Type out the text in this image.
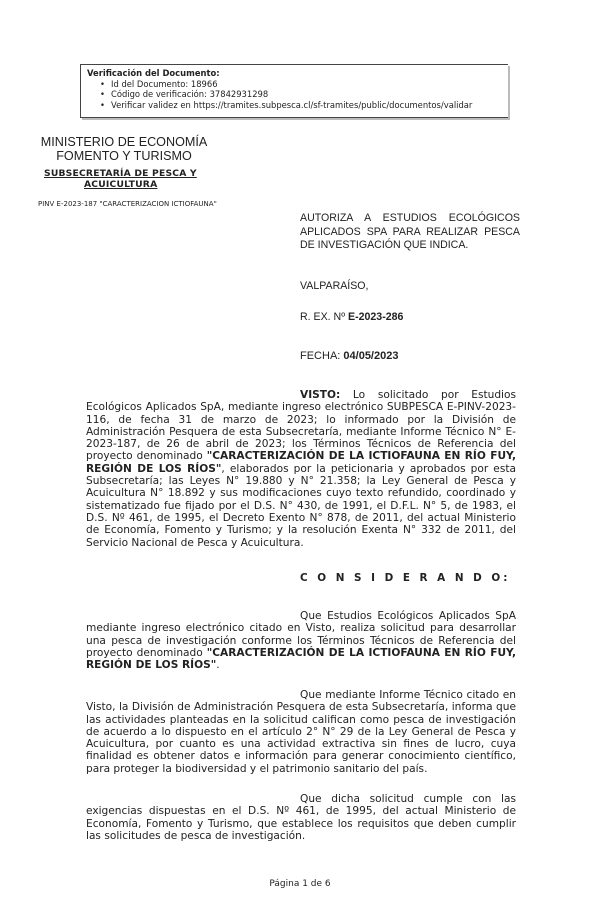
Verificación del Documento:
• Id del Documento: 18966
• Código de verificación: 37842931298
• Verificar validez en https://tramites.subpesca.cl/sf-tramites/public/documentos/validar
MINISTERIO DE ECONOMÍA
FOMENTO Y TURISMO
SUBSECRETARÍA DE PESCA Y
ACUICULTURA
PINV E-2023-187 "CARACTERIZACION ICTIOFAUNA"
AUTORIZA A ESTUDIOS ECOLÓGICOS APLICADOS SPA PARA REALIZAR PESCA DE INVESTIGACIÓN QUE INDICA.
VALPARAÍSO,
R. EX. Nº E-2023-286
FECHA: 04/05/2023
VISTO: Lo solicitado por Estudios Ecológicos Aplicados SpA, mediante ingreso electrónico SUBPESCA E-PINV-2023-116, de fecha 31 de marzo de 2023; lo informado por la División de Administración Pesquera de esta Subsecretaría, mediante Informe Técnico N° E-2023-187, de 26 de abril de 2023; los Términos Técnicos de Referencia del proyecto denominado "CARACTERIZACIÓN DE LA ICTIOFAUNA EN RÍO FUY, REGIÓN DE LOS RÍOS", elaborados por la peticionaria y aprobados por esta Subsecretaría; las Leyes N° 19.880 y N° 21.358; la Ley General de Pesca y Acuicultura N° 18.892 y sus modificaciones cuyo texto refundido, coordinado y sistematizado fue fijado por el D.S. N° 430, de 1991, el D.F.L. N° 5, de 1983, el D.S. Nº 461, de 1995, el Decreto Exento N° 878, de 2011, del actual Ministerio de Economía, Fomento y Turismo; y la resolución Exenta N° 332 de 2011, del Servicio Nacional de Pesca y Acuicultura.
C O N S I D E R A N D O:
Que Estudios Ecológicos Aplicados SpA mediante ingreso electrónico citado en Visto, realiza solicitud para desarrollar una pesca de investigación conforme los Términos Técnicos de Referencia del proyecto denominado "CARACTERIZACIÓN DE LA ICTIOFAUNA EN RÍO FUY, REGIÓN DE LOS RÍOS".
Que mediante Informe Técnico citado en Visto, la División de Administración Pesquera de esta Subsecretaría, informa que las actividades planteadas en la solicitud califican como pesca de investigación de acuerdo a lo dispuesto en el artículo 2° N° 29 de la Ley General de Pesca y Acuicultura, por cuanto es una actividad extractiva sin fines de lucro, cuya finalidad es obtener datos e información para generar conocimiento científico, para proteger la biodiversidad y el patrimonio sanitario del país.
Que dicha solicitud cumple con las exigencias dispuestas en el D.S. Nº 461, de 1995, del actual Ministerio de Economía, Fomento y Turismo, que establece los requisitos que deben cumplir las solicitudes de pesca de investigación.
Página 1 de 6
